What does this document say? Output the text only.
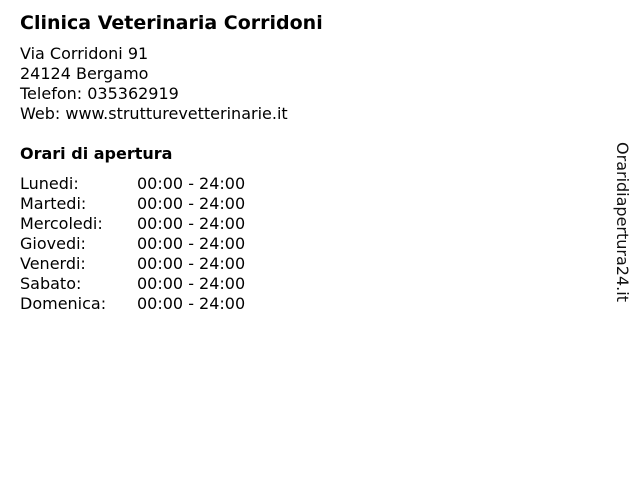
Clinica Veterinaria Corridoni
Via Corridoni 91
24124 Bergamo
Telefon: 035362919
Web: www.strutturevetterinarie.it
Orari di apertura
Lunedi:	00:00 - 24:00
Martedi:	00:00 - 24:00
Mercoledi: 00:00 - 24:00
Giovedi:	00:00 - 24:00
Venerdi:	00:00 - 24:00
Sabato:	00:00 - 24:00
Domenica: 00:00 - 24:00
Oraridiapertura24.it
